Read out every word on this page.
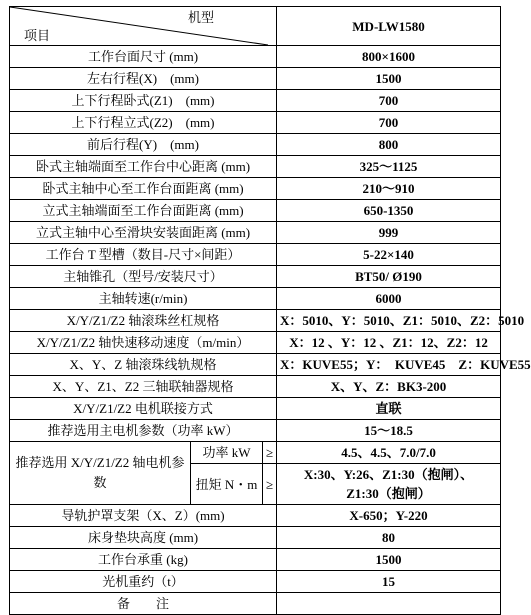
机型
项目			MD-LW1580
工作台面尺寸 (mm)			800×1600
左右行程(X)　(mm)			1500
上下行程卧式(Z1)　(mm)			700
上下行程立式(Z2)　(mm)			700
前后行程(Y)　(mm)			800
卧式主轴端面至工作台中心距离 (mm)			325～1125
卧式主轴中心至工作台面距离 (mm)			210～910
立式主轴端面至工作台面距离 (mm)			650-1350
立式主轴中心至滑块安装面距离 (mm)			999
工作台 T 型槽（数目-尺寸×间距）			5-22×140
主轴锥孔（型号/安装尺寸）			BT50/ Ø190
主轴转速(r/min)			6000
X/Y/Z1/Z2 轴滚珠丝杠规格			X：5010、Y：5010、Z1：5010、Z2：5010
X/Y/Z1/Z2 轴快速移动速度（m/min）			X：12 、Y：12 、Z1：12、Z2：12
X、Y、Z 轴滚珠线轨规格			X：KUVE55；Y：　KUVE45　Z：KUVE55
X、Y、Z1、Z2 三轴联轴器规格			X、Y、Z：BK3-200
X/Y/Z1/Z2 电机联接方式			直联
推荐选用主电机参数（功率 kW）			15～18.5
推荐选用 X/Y/Z1/Z2 轴电机参数	功率 kW	≥	4.5、4.5、7.0/7.0
	扭矩 N・m	≥	X:30、Y:26、Z1:30（抱闸）、
Z1:30（抱闸）

导轨护罩支架（X、Z）(mm)			X-650；Y-220
床身垫块高度 (mm)			80
工作台承重 (kg)			1500
光机重约（t）			15
备　　注			
